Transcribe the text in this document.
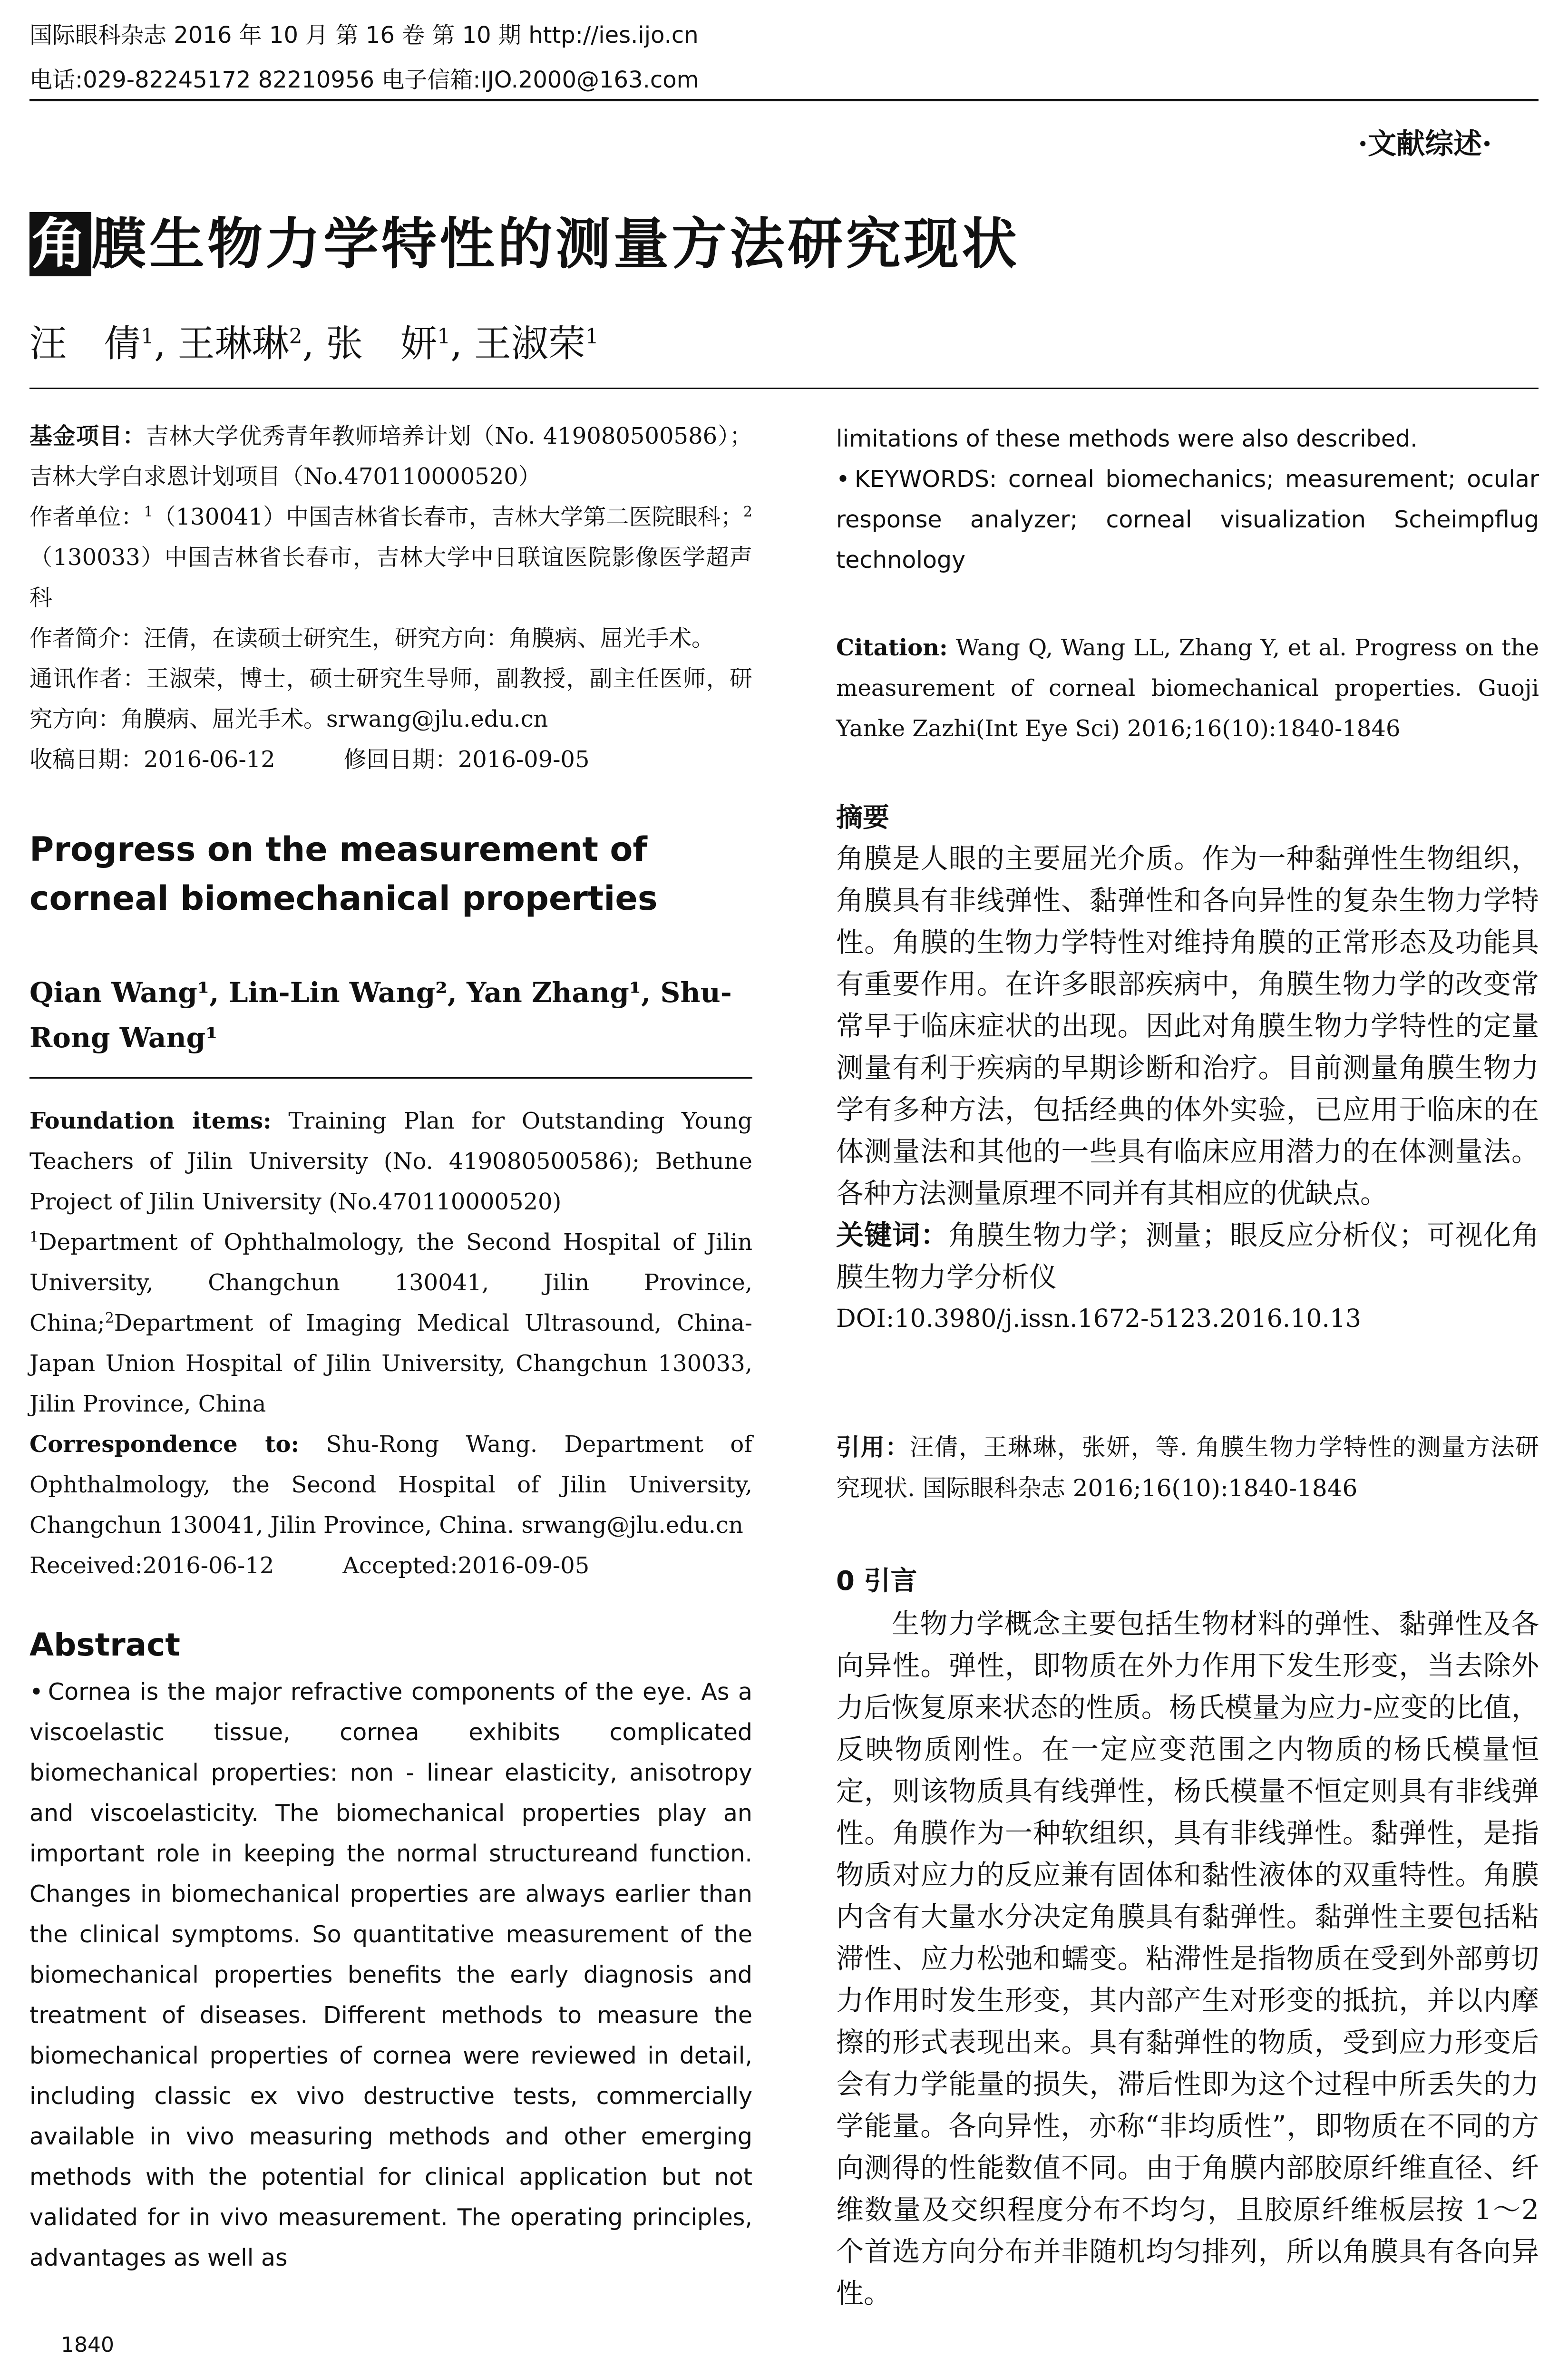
国际眼科杂志 2016 年 10 月 第 16 卷 第 10 期 http://ies.ijo.cn
电话:029-82245172 82210956 电子信箱:IJO.2000@163.com
·文献综述·
角膜生物力学特性的测量方法研究现状
汪　倩$^1$, 王琳琳$^2$, 张　妍$^1$, 王淑荣$^1$

基金项目：吉林大学优秀青年教师培养计划（No. 419080500586）；吉林大学白求恩计划项目（No.470110000520）

作者单位：$^1$（130041）中国吉林省长春市，吉林大学第二医院眼科；$^2$（130033）中国吉林省长春市，吉林大学中日联谊医院影像医学超声科

作者简介：汪倩，在读硕士研究生，研究方向：角膜病、屈光手术。

通讯作者：王淑荣，博士，硕士研究生导师，副教授，副主任医师，研究方向：角膜病、屈光手术。srwang@jlu.edu.cn

收稿日期：2016-06-12　　　修回日期：2016-09-05

Progress on the measurement of corneal biomechanical properties

Qian Wang¹, Lin-Lin Wang², Yan Zhang¹, Shu-Rong Wang¹

Foundation items: Training Plan for Outstanding Young Teachers of Jilin University (No. 419080500586); Bethune Project of Jilin University (No.470110000520)

$^1$Department of Ophthalmology, the Second Hospital of Jilin University, Changchun 130041, Jilin Province, China;$^2$Department of Imaging Medical Ultrasound, China-Japan Union Hospital of Jilin University, Changchun 130033, Jilin Province, China

Correspondence to: Shu-Rong Wang. Department of Ophthalmology, the Second Hospital of Jilin University, Changchun 130041, Jilin Province, China. srwang@jlu.edu.cn

Received:2016-06-12　　　Accepted:2016-09-05

Abstract

• Cornea is the major refractive components of the eye. As a viscoelastic tissue, cornea exhibits complicated biomechanical properties: non - linear elasticity, anisotropy and viscoelasticity. The biomechanical properties play an important role in keeping the normal structureand function. Changes in biomechanical properties are always earlier than the clinical symptoms. So quantitative measurement of the biomechanical properties benefits the early diagnosis and treatment of diseases. Different methods to measure the biomechanical properties of cornea were reviewed in detail, including classic ex vivo destructive tests, commercially available in vivo measuring methods and other emerging methods with the potential for clinical application but not validated for in vivo measurement. The operating principles, advantages as well as

1840

limitations of these methods were also described.

• KEYWORDS: corneal biomechanics; measurement; ocular response analyzer; corneal visualization Scheimpflug technology

Citation: Wang Q, Wang LL, Zhang Y, et al. Progress on the measurement of corneal biomechanical properties. Guoji Yanke Zazhi(Int Eye Sci) 2016;16(10):1840-1846

摘要

角膜是人眼的主要屈光介质。作为一种黏弹性生物组织，角膜具有非线弹性、黏弹性和各向异性的复杂生物力学特性。角膜的生物力学特性对维持角膜的正常形态及功能具有重要作用。在许多眼部疾病中，角膜生物力学的改变常常早于临床症状的出现。因此对角膜生物力学特性的定量测量有利于疾病的早期诊断和治疗。目前测量角膜生物力学有多种方法，包括经典的体外实验，已应用于临床的在体测量法和其他的一些具有临床应用潜力的在体测量法。各种方法测量原理不同并有其相应的优缺点。

关键词：角膜生物力学；测量；眼反应分析仪；可视化角膜生物力学分析仪

DOI:10.3980/j.issn.1672-5123.2016.10.13

引用：汪倩，王琳琳，张妍，等. 角膜生物力学特性的测量方法研究现状. 国际眼科杂志 2016;16(10):1840-1846

0 引言

生物力学概念主要包括生物材料的弹性、黏弹性及各向异性。弹性，即物质在外力作用下发生形变，当去除外力后恢复原来状态的性质。杨氏模量为应力-应变的比值，反映物质刚性。在一定应变范围之内物质的杨氏模量恒定，则该物质具有线弹性，杨氏模量不恒定则具有非线弹性。角膜作为一种软组织，具有非线弹性。黏弹性，是指物质对应力的反应兼有固体和黏性液体的双重特性。角膜内含有大量水分决定角膜具有黏弹性。黏弹性主要包括粘滞性、应力松弛和蠕变。粘滞性是指物质在受到外部剪切力作用时发生形变，其内部产生对形变的抵抗，并以内摩擦的形式表现出来。具有黏弹性的物质，受到应力形变后会有力学能量的损失，滞后性即为这个过程中所丢失的力学能量。各向异性，亦称“非均质性”，即物质在不同的方向测得的性能数值不同。由于角膜内部胶原纤维直径、纤维数量及交织程度分布不均匀，且胶原纤维板层按 1～2 个首选方向分布并非随机均匀排列，所以角膜具有各向异性。
